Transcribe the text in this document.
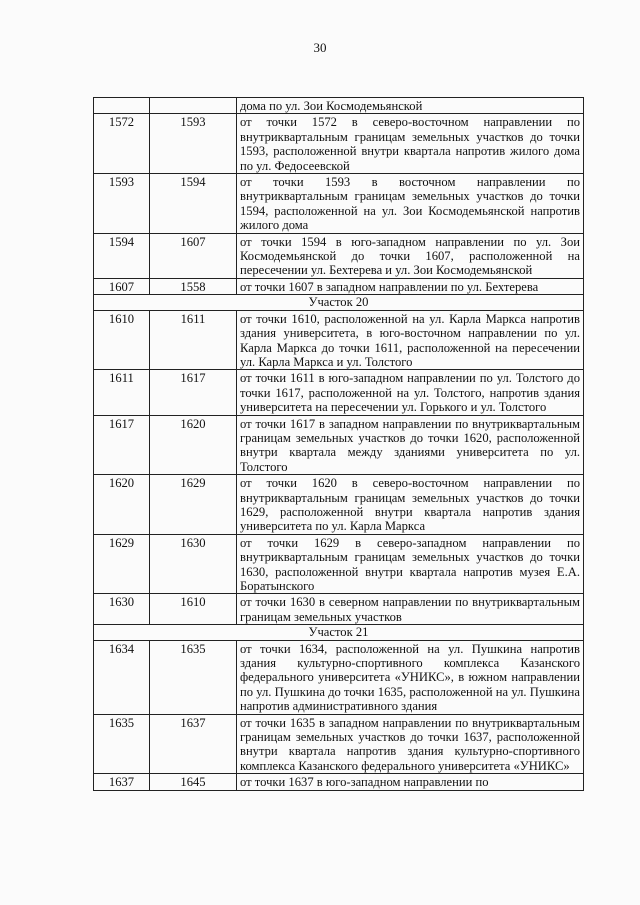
30
		дома по ул. Зои Космодемьянской
1572	1593	от точки 1572 в северо-восточном направлении по внутриквартальным границам земельных участков до точки 1593, расположенной внутри квартала напротив жилого дома по ул. Федосеевской
1593	1594	от точки 1593 в восточном направлении по внутриквартальным границам земельных участков до точки 1594, расположенной на ул. Зои Космодемьянской напротив жилого дома
1594	1607	от точки 1594 в юго-западном направлении по ул. Зои Космодемьянской до точки 1607, расположенной на пересечении ул. Бехтерева и ул. Зои Космодемьянской
1607	1558	от точки 1607 в западном направлении по ул. Бехтерева
Участок 20		
1610	1611	от точки 1610, расположенной на ул. Карла Маркса напротив здания университета, в юго-восточном направлении по ул. Карла Маркса до точки 1611, расположенной на пересечении ул. Карла Маркса и ул. Толстого
1611	1617	от точки 1611 в юго-западном направлении по ул. Толстого до точки 1617, расположенной на ул. Толстого, напротив здания университета на пересечении ул. Горького и ул. Толстого
1617	1620	от точки 1617 в западном направлении по внутриквартальным границам земельных участков до точки 1620, расположенной внутри квартала между зданиями университета по ул. Толстого
1620	1629	от точки 1620 в северо-восточном направлении по внутриквартальным границам земельных участков до точки 1629, расположенной внутри квартала напротив здания университета по ул. Карла Маркса
1629	1630	от точки 1629 в северо-западном направлении по внутриквартальным границам земельных участков до точки 1630, расположенной внутри квартала напротив музея Е.А. Боратынского
1630	1610	от точки 1630 в северном направлении по внутриквартальным границам земельных участков
Участок 21		
1634	1635	от точки 1634, расположенной на ул. Пушкина напротив здания культурно-спортивного комплекса Казанского федерального университета «УНИКС», в южном направлении по ул. Пушкина до точки 1635, расположенной на ул. Пушкина напротив административного здания
1635	1637	от точки 1635 в западном направлении по внутриквартальным границам земельных участков до точки 1637, расположенной внутри квартала напротив здания культурно-спортивного комплекса Казанского федерального университета «УНИКС»
1637	1645	от точки 1637 в юго-западном направлении по
